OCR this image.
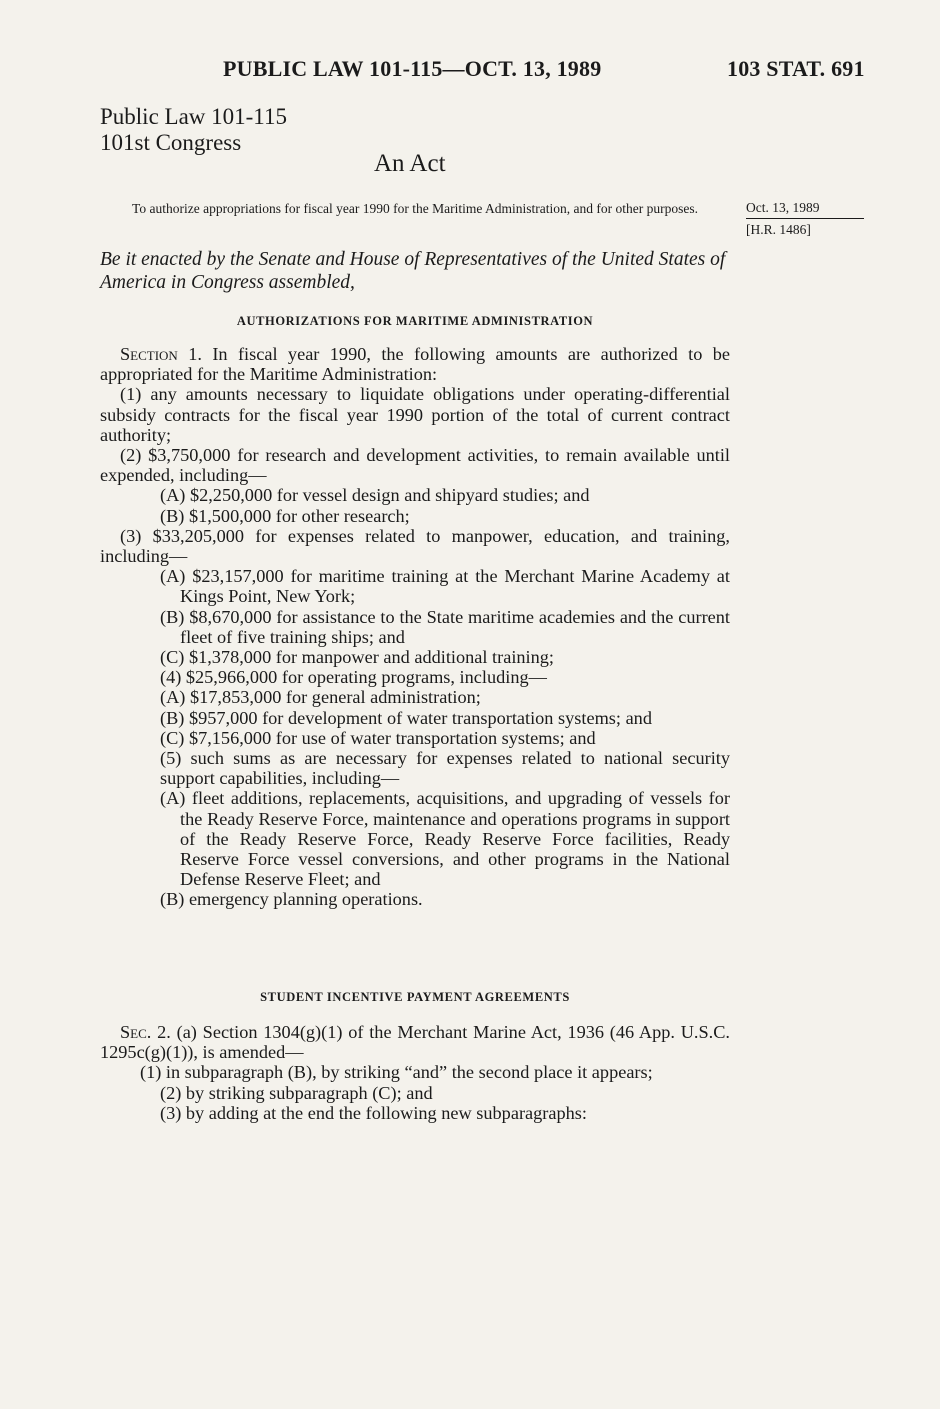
PUBLIC LAW 101-115—OCT. 13, 1989	103 STAT. 691
Public Law 101-115
101st Congress
An Act
To authorize appropriations for fiscal year 1990 for the Maritime Administration, and for other purposes.	Oct. 13, 1989
[H.R. 1486]
Be it enacted by the Senate and House of Representatives of the United States of America in Congress assembled,
AUTHORIZATIONS FOR MARITIME ADMINISTRATION

Section 1. In fiscal year 1990, the following amounts are authorized to be appropriated for the Maritime Administration:

(1) any amounts necessary to liquidate obligations under operating-differential subsidy contracts for the fiscal year 1990 portion of the total of current contract authority;

(2) $3,750,000 for research and development activities, to remain available until expended, including—

(A) $2,250,000 for vessel design and shipyard studies; and

(B) $1,500,000 for other research;

(3) $33,205,000 for expenses related to manpower, education, and training, including—

(A) $23,157,000 for maritime training at the Merchant Marine Academy at Kings Point, New York;

(B) $8,670,000 for assistance to the State maritime academies and the current fleet of five training ships; and

(C) $1,378,000 for manpower and additional training;

(4) $25,966,000 for operating programs, including—

(A) $17,853,000 for general administration;

(B) $957,000 for development of water transportation systems; and

(C) $7,156,000 for use of water transportation systems; and

(5) such sums as are necessary for expenses related to national security support capabilities, including—

(A) fleet additions, replacements, acquisitions, and upgrading of vessels for the Ready Reserve Force, maintenance and operations programs in support of the Ready Reserve Force, Ready Reserve Force facilities, Ready Reserve Force vessel conversions, and other programs in the National Defense Reserve Fleet; and

(B) emergency planning operations.

STUDENT INCENTIVE PAYMENT AGREEMENTS

Sec. 2. (a) Section 1304(g)(1) of the Merchant Marine Act, 1936 (46 App. U.S.C. 1295c(g)(1)), is amended—

(1) in subparagraph (B), by striking “and” the second place it appears;

(2) by striking subparagraph (C); and

(3) by adding at the end the following new subparagraphs:
